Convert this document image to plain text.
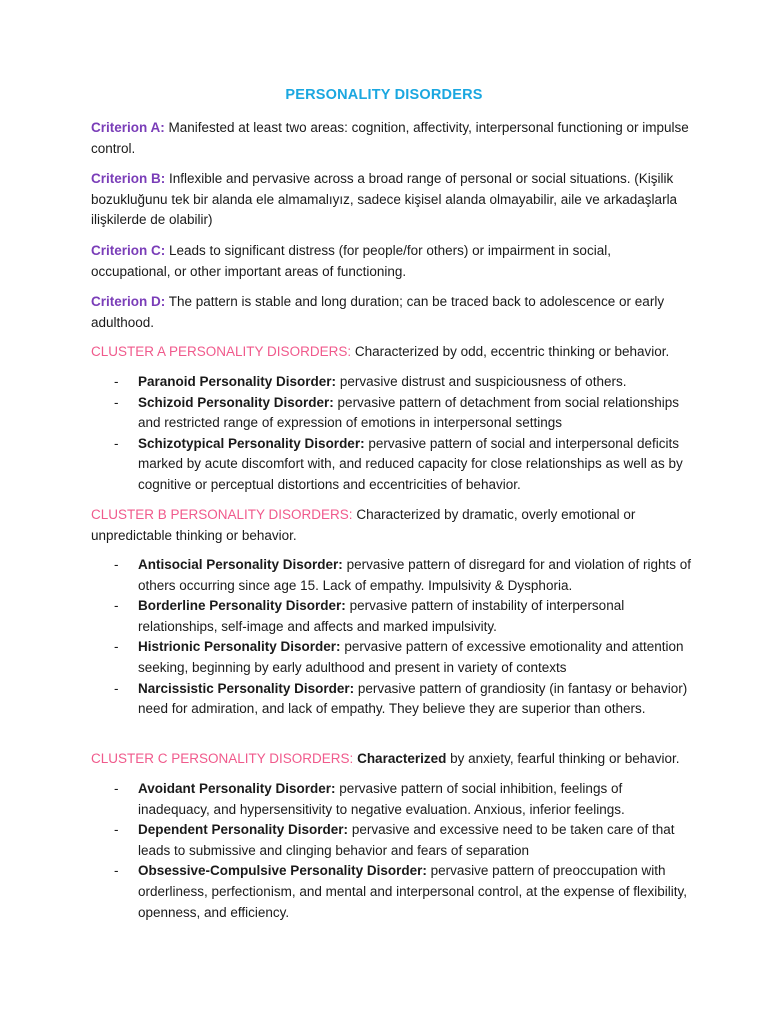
PERSONALITY DISORDERS
Criterion A: Manifested at least two areas: cognition, affectivity, interpersonal functioning or impulse control.
Criterion B: Inflexible and pervasive across a broad range of personal or social situations. (Kişilik bozukluğunu tek bir alanda ele almamalıyız, sadece kişisel alanda olmayabilir, aile ve arkadaşlarla ilişkilerde de olabilir)
Criterion C: Leads to significant distress (for people/for others) or impairment in social, occupational, or other important areas of functioning.
Criterion D: The pattern is stable and long duration; can be traced back to adolescence or early adulthood.
CLUSTER A PERSONALITY DISORDERS: Characterized by odd, eccentric thinking or behavior.
- Paranoid Personality Disorder: pervasive distrust and suspiciousness of others.
- Schizoid Personality Disorder: pervasive pattern of detachment from social relationships and restricted range of expression of emotions in interpersonal settings
- Schizotypical Personality Disorder: pervasive pattern of social and interpersonal deficits marked by acute discomfort with, and reduced capacity for close relationships as well as by cognitive or perceptual distortions and eccentricities of behavior.
CLUSTER B PERSONALITY DISORDERS: Characterized by dramatic, overly emotional or unpredictable thinking or behavior.
- Antisocial Personality Disorder: pervasive pattern of disregard for and violation of rights of others occurring since age 15. Lack of empathy. Impulsivity & Dysphoria.
- Borderline Personality Disorder: pervasive pattern of instability of interpersonal relationships, self-image and affects and marked impulsivity.
- Histrionic Personality Disorder: pervasive pattern of excessive emotionality and attention seeking, beginning by early adulthood and present in variety of contexts
- Narcissistic Personality Disorder: pervasive pattern of grandiosity (in fantasy or behavior) need for admiration, and lack of empathy. They believe they are superior than others.
CLUSTER C PERSONALITY DISORDERS: Characterized by anxiety, fearful thinking or behavior.
- Avoidant Personality Disorder: pervasive pattern of social inhibition, feelings of inadequacy, and hypersensitivity to negative evaluation. Anxious, inferior feelings.
- Dependent Personality Disorder: pervasive and excessive need to be taken care of that leads to submissive and clinging behavior and fears of separation
- Obsessive-Compulsive Personality Disorder: pervasive pattern of preoccupation with orderliness, perfectionism, and mental and interpersonal control, at the expense of flexibility, openness, and efficiency.
